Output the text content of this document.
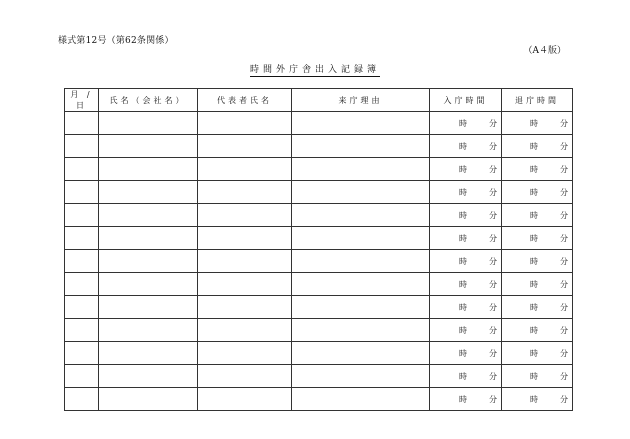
様式第12号（第62条関係）
（A４版）
時間外庁舎出入記録簿
月 / 日	氏名（会社名）	代表者氏名	来庁理由	入庁時間	退庁時間
				時 分	時 分
				時 分	時 分
				時 分	時 分
				時 分	時 分
				時 分	時 分
				時 分	時 分
				時 分	時 分
				時 分	時 分
				時 分	時 分
				時 分	時 分
				時 分	時 分
				時 分	時 分
				時 分	時 分
